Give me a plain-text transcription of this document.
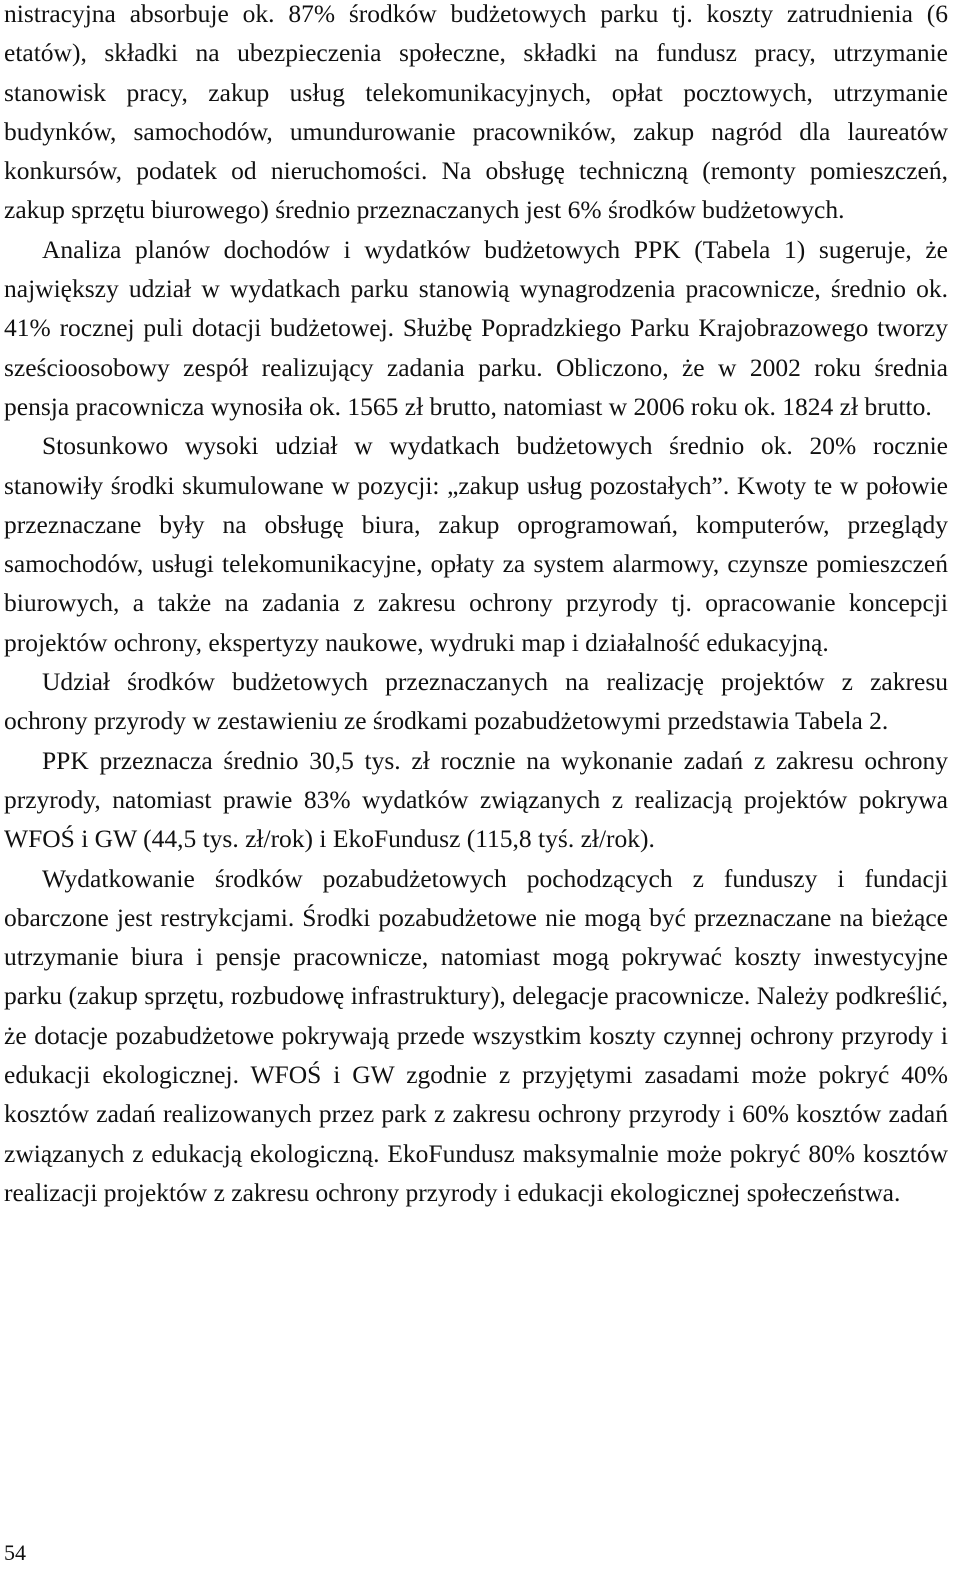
nistracyjna absorbuje ok. 87% środków budżetowych parku tj. koszty zatrudnienia (6 etatów), składki na ubezpieczenia społeczne, składki na fundusz pracy, utrzymanie stanowisk pracy, zakup usług telekomunikacyjnych, opłat pocztowych, utrzymanie budynków, samochodów, umundurowanie pracowników, zakup nagród dla laureatów konkursów, podatek od nieruchomości. Na obsługę techniczną (remonty pomieszczeń, zakup sprzętu biurowego) średnio przeznaczanych jest 6% środków budżetowych.

Analiza planów dochodów i wydatków budżetowych PPK (Tabela 1) sugeruje, że największy udział w wydatkach parku stanowią wynagrodzenia pracownicze, średnio ok. 41% rocznej puli dotacji budżetowej. Służbę Popradzkiego Parku Krajobrazowego tworzy sześcioosobowy zespół realizujący zadania parku. Obliczono, że w 2002 roku średnia pensja pracownicza wynosiła ok. 1565 zł brutto, natomiast w 2006 roku ok. 1824 zł brutto.

Stosunkowo wysoki udział w wydatkach budżetowych średnio ok. 20% rocznie stanowiły środki skumulowane w pozycji: „zakup usług pozostałych”. Kwoty te w połowie przeznaczane były na obsługę biura, zakup oprogramowań, komputerów, przeglądy samochodów, usługi telekomunikacyjne, opłaty za system alarmowy, czynsze pomieszczeń biurowych, a także na zadania z zakresu ochrony przyrody tj. opracowanie koncepcji projektów ochrony, ekspertyzy naukowe, wydruki map i działalność edukacyjną.

Udział środków budżetowych przeznaczanych na realizację projektów z zakresu ochrony przyrody w zestawieniu ze środkami pozabudżetowymi przedstawia Tabela 2.

PPK przeznacza średnio 30,5 tys. zł rocznie na wykonanie zadań z zakresu ochrony przyrody, natomiast prawie 83% wydatków związanych z realizacją projektów pokrywa WFOŚ i GW (44,5 tys. zł/rok) i EkoFundusz (115,8 tyś. zł/rok).

Wydatkowanie środków pozabudżetowych pochodzących z funduszy i fundacji obarczone jest restrykcjami. Środki pozabudżetowe nie mogą być przeznaczane na bieżące utrzymanie biura i pensje pracownicze, natomiast mogą pokrywać koszty inwestycyjne parku (zakup sprzętu, rozbudowę infrastruktury), delegacje pracownicze. Należy podkreślić, że dotacje pozabudżetowe pokrywają przede wszystkim koszty czynnej ochrony przyrody i edukacji ekologicznej. WFOŚ i GW zgodnie z przyjętymi zasadami może pokryć 40% kosztów zadań realizowanych przez park z zakresu ochrony przyrody i 60% kosztów zadań związanych z edukacją ekologiczną. EkoFundusz maksymalnie może pokryć 80% kosztów realizacji projektów z zakresu ochrony przyrody i edukacji ekologicznej społeczeństwa.

54
